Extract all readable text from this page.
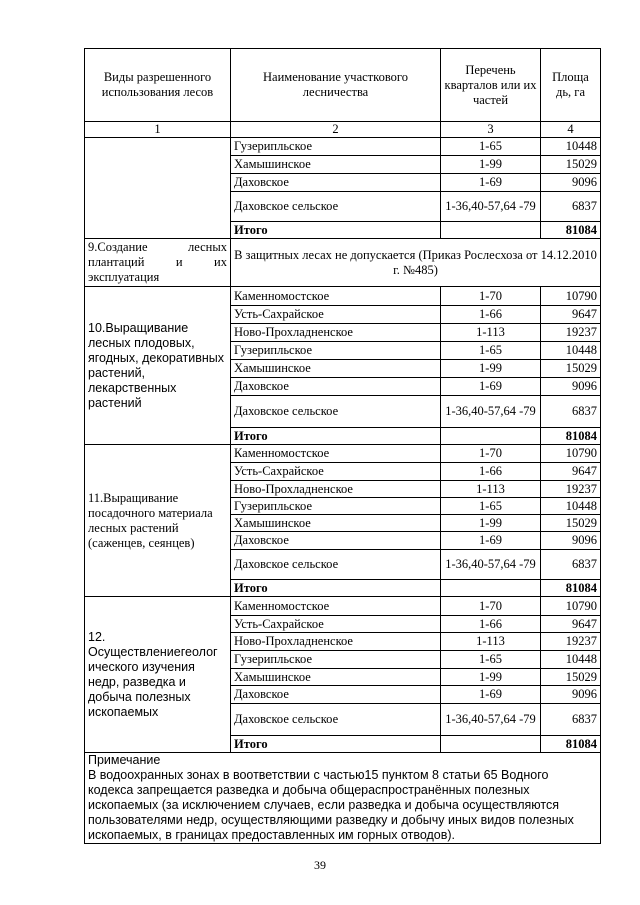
Виды разрешенного использования лесов	Наименование участкового лесничества	Перечень кварталов или их частей	Площа дь, га
1	2	3	4
	Гузерипльское	1-65	10448
	Хамышинское	1-99	15029
	Даховское	1-69	9096
	Даховское сельское	1-36,40-57,64 -79	6837
	Итого		81084
9.Создание лесных плантаций и их эксплуатация	В защитных лесах не допускается (Приказ Рослесхоза от 14.12.2010 г. №485)		
10.Выращивание лесных плодовых, ягодных, декоративных растений, лекарственных растений	Каменномостское	1-70	10790
	Усть-Сахрайское	1-66	9647
	Ново-Прохладненское	1-113	19237
	Гузерипльское	1-65	10448
	Хамышинское	1-99	15029
	Даховское	1-69	9096
	Даховское сельское	1-36,40-57,64 -79	6837
	Итого		81084
11.Выращивание посадочного материала лесных растений (саженцев, сеянцев)	Каменномостское	1-70	10790
	Усть-Сахрайское	1-66	9647
	Ново-Прохладненское	1-113	19237
	Гузерипльское	1-65	10448
	Хамышинское	1-99	15029
	Даховское	1-69	9096
	Даховское сельское	1-36,40-57,64 -79	6837
	Итого		81084
12. Осуществлениегеолог ического изучения недр, разведка и добыча полезных ископаемых	Каменномостское	1-70	10790
	Усть-Сахрайское	1-66	9647
	Ново-Прохладненское	1-113	19237
	Гузерипльское	1-65	10448
	Хамышинское	1-99	15029
	Даховское	1-69	9096
	Даховское сельское	1-36,40-57,64 -79	6837
	Итого		81084

Примечание
В водоохранных зонах в воответствии с частью15 пунктом 8 статьи 65 Водного кодекса запрещается разведка и добыча общераспространённых полезных ископаемых (за исключением случаев, если разведка и добыча осуществляются пользователями недр, осуществляющими разведку и добычу иных видов полезных ископаемых, в границах предоставленных им горных отводов).			
39
